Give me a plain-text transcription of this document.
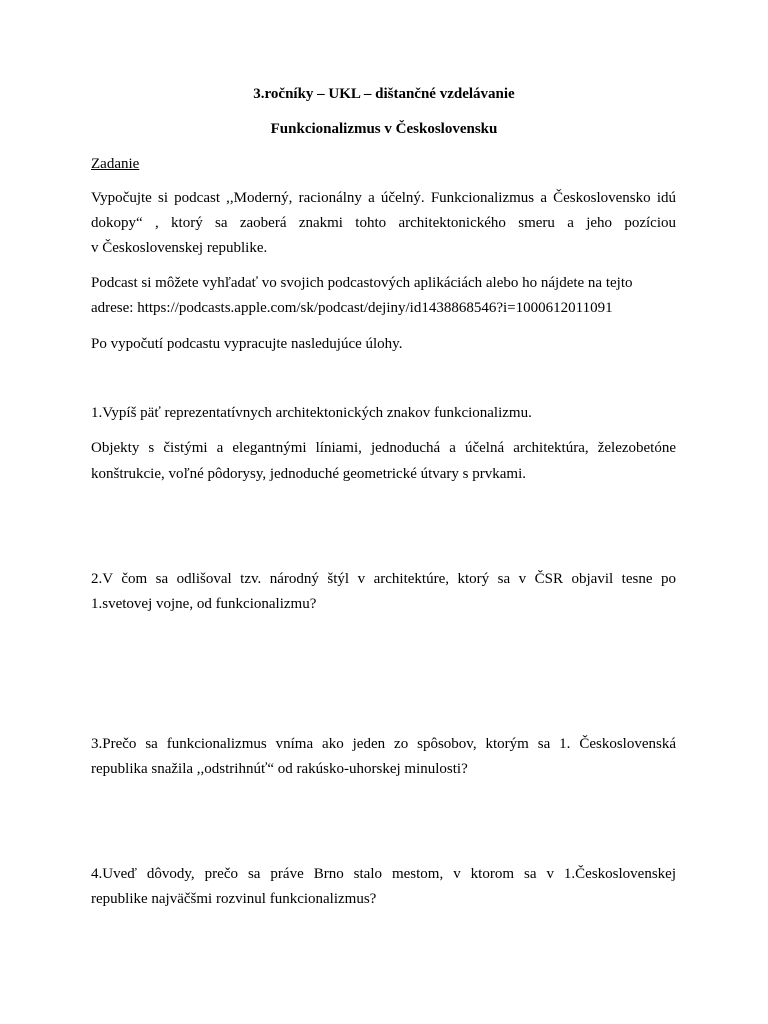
3.ročníky – UKL – dištančné vzdelávanie
Funkcionalizmus v Československu
Zadanie
Vypočujte si podcast ,,Moderný, racionálny a účelný. Funkcionalizmus a Československo idú
dokopy“ , ktorý sa zaoberá znakmi tohto architektonického smeru a jeho pozíciou
v Československej republike.
Podcast si môžete vyhľadať vo svojich podcastových aplikáciách alebo ho nájdete na tejto
adrese: https://podcasts.apple.com/sk/podcast/dejiny/id1438868546?i=1000612011091
Po vypočutí podcastu vypracujte nasledujúce úlohy.
1.Vypíš päť reprezentatívnych architektonických znakov funkcionalizmu.
Objekty s čistými a elegantnými líniami, jednoduchá a účelná architektúra, železobetóne
konštrukcie, voľné pôdorysy, jednoduché geometrické útvary s prvkami.
2.V čom sa odlišoval tzv. národný štýl v architektúre, ktorý sa v ČSR objavil tesne po
1.svetovej vojne, od funkcionalizmu?
3.Prečo sa funkcionalizmus vníma ako jeden zo spôsobov, ktorým sa 1. Československá
republika snažila ,,odstrihnúť“ od rakúsko-uhorskej minulosti?
4.Uveď dôvody, prečo sa práve Brno stalo mestom, v ktorom sa v 1.Československej
republike najväčšmi rozvinul funkcionalizmus?
